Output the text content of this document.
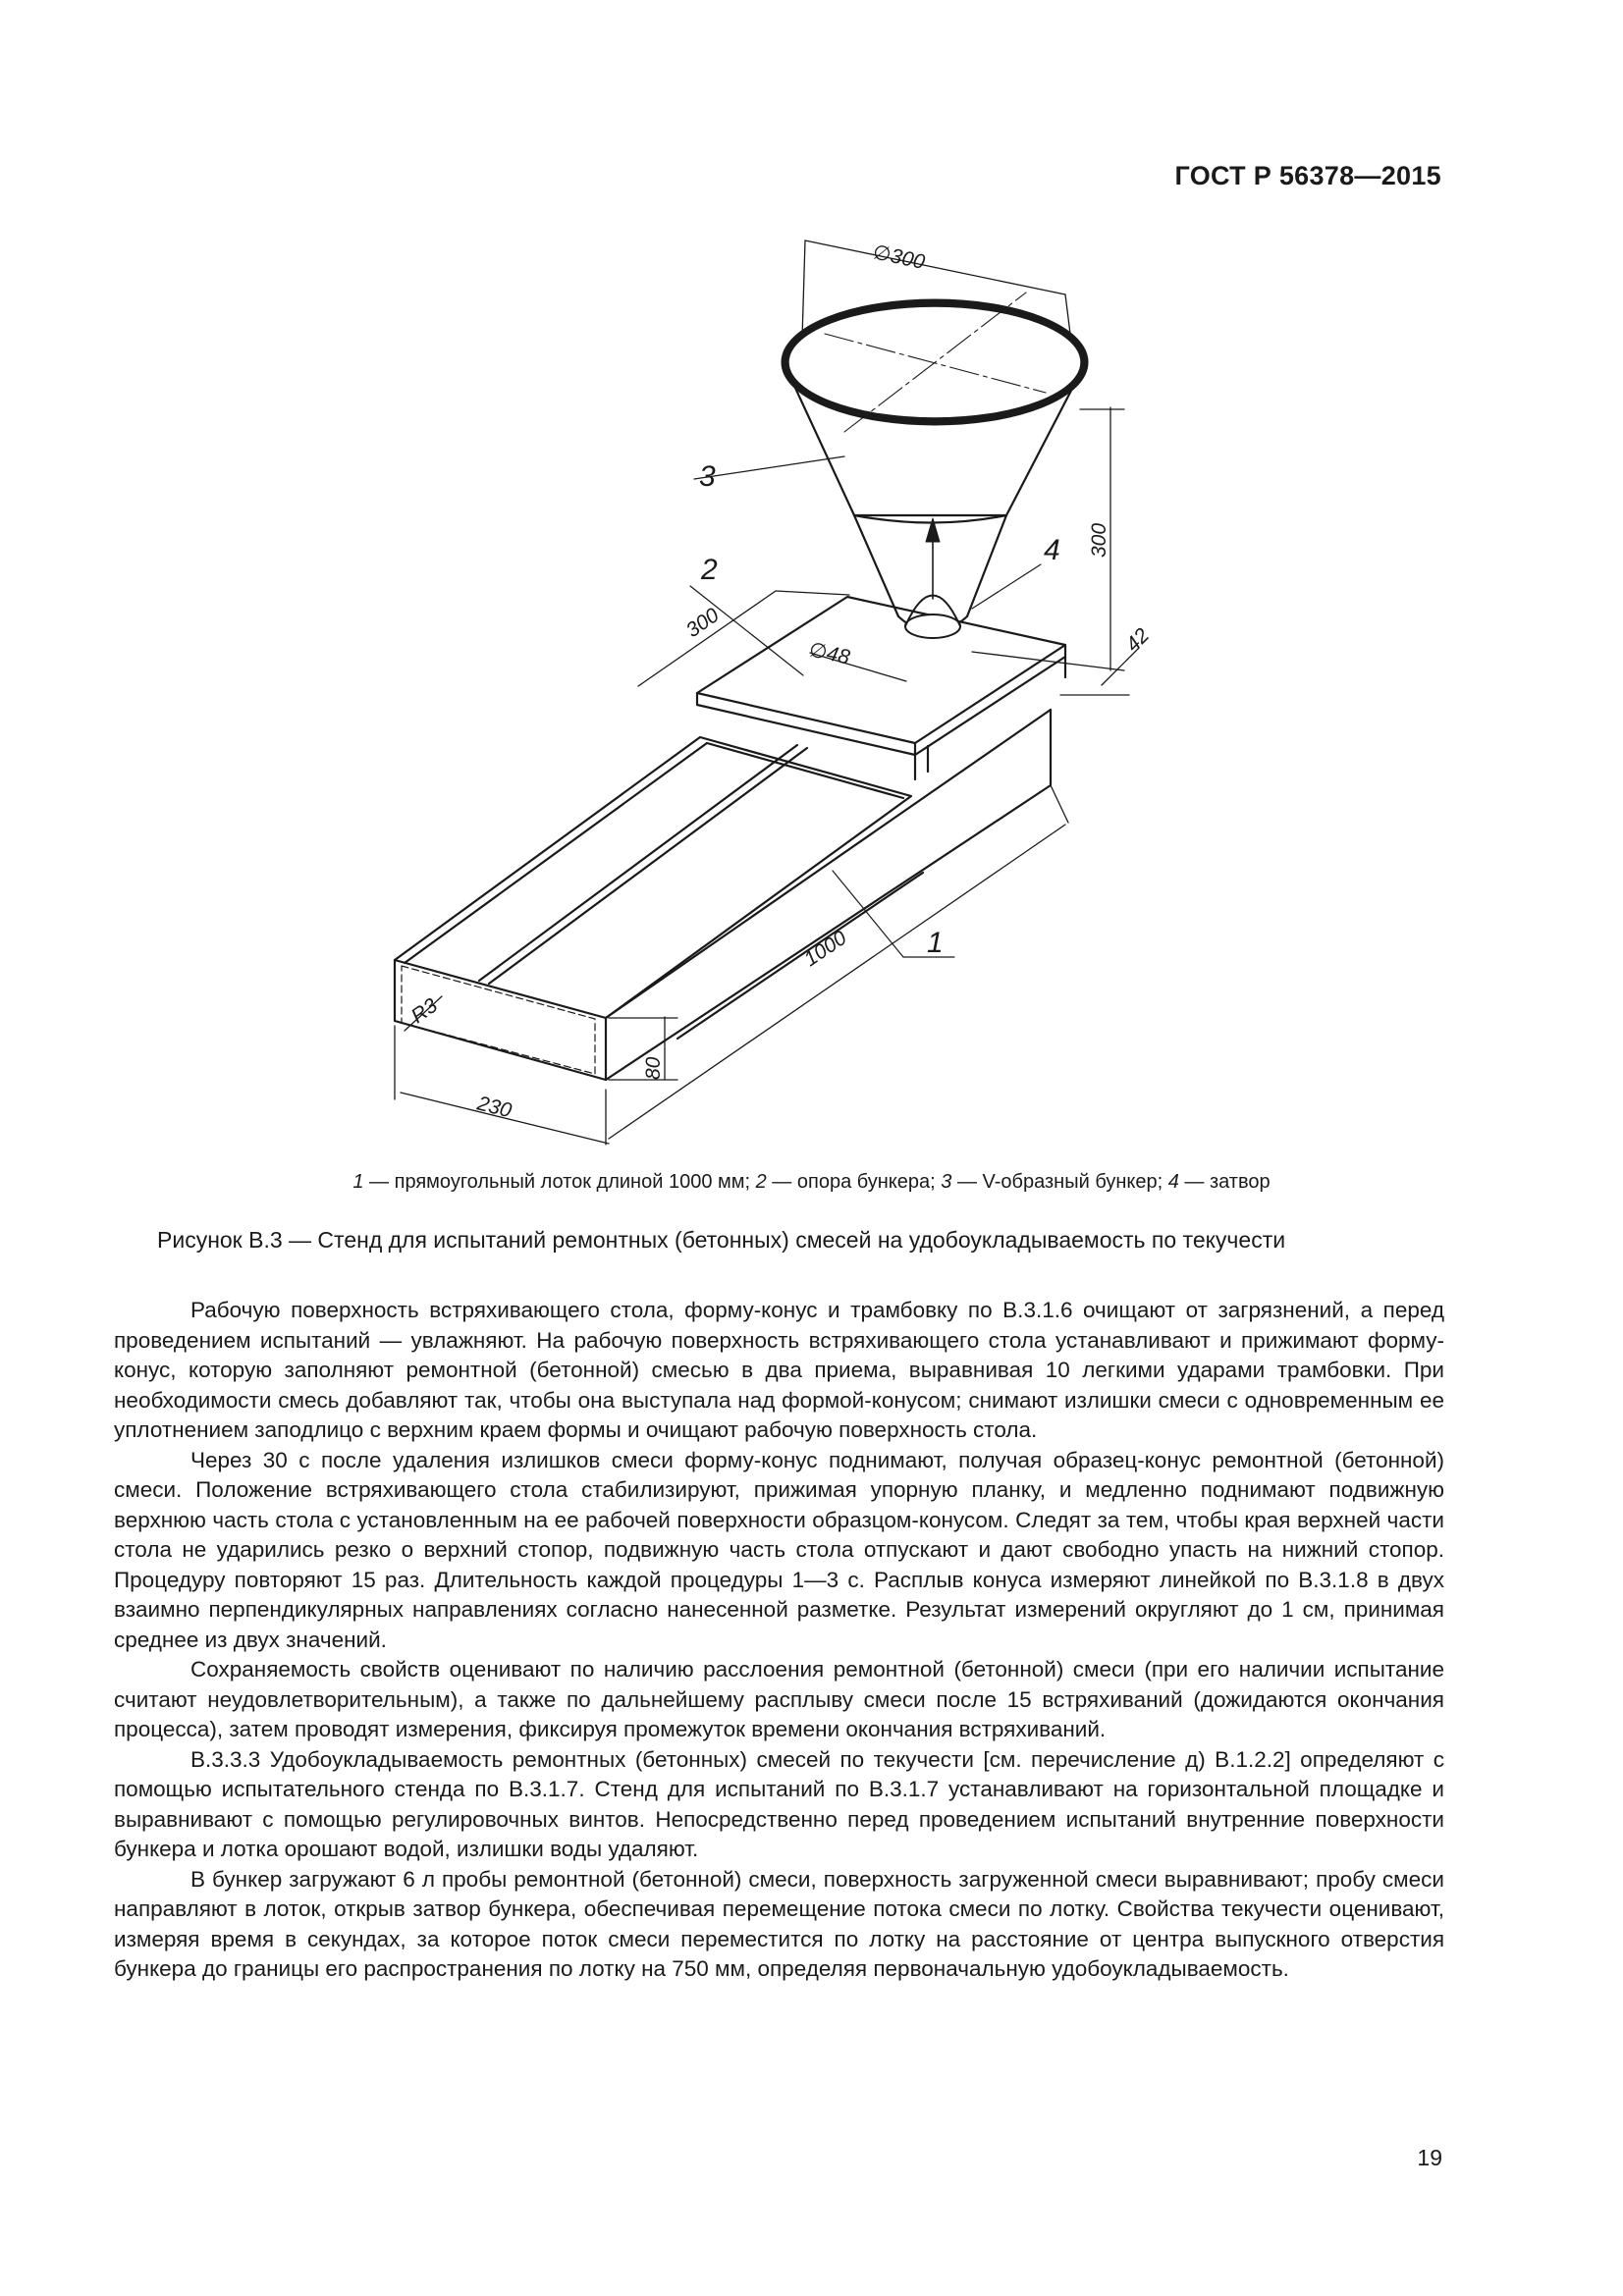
ГОСТ Р 56378—2015
∅300
300
300
∅48	42
1000
80
230
R3
1
2
3
4
1 — прямоугольный лоток длиной 1000 мм; 2 — опора бункера; 3 — V-образный бункер; 4 — затвор
Рисунок В.3 — Стенд для испытаний ремонтных (бетонных) смесей на удобоукладываемость по текучести

Рабочую поверхность встряхивающего стола, форму-конус и трамбовку по В.3.1.6 очищают от загрязнений, а перед проведением испытаний — увлажняют. На рабочую поверхность встряхивающего стола устанавливают и прижимают форму-конус, которую заполняют ремонтной (бетонной) смесью в два приема, выравнивая 10 легкими ударами трамбовки. При необходимости смесь добавляют так, чтобы она выступала над формой-конусом; снимают излишки смеси с одновременным ее уплотнением заподлицо с верхним краем формы и очищают рабочую поверхность стола.

Через 30 с после удаления излишков смеси форму-конус поднимают, получая образец-конус ремонтной (бетонной) смеси. Положение встряхивающего стола стабилизируют, прижимая упорную планку, и медленно поднимают подвижную верхнюю часть стола с установленным на ее рабочей поверхности образцом-конусом. Следят за тем, чтобы края верхней части стола не ударились резко о верхний стопор, подвижную часть стола отпускают и дают свободно упасть на нижний стопор. Процедуру повторяют 15 раз. Длительность каждой процедуры 1—3 с. Расплыв конуса измеряют линейкой по В.3.1.8 в двух взаимно перпендикулярных направлениях согласно нанесенной разметке. Результат измерений округляют до 1 см, принимая среднее из двух значений.

Сохраняемость свойств оценивают по наличию расслоения ремонтной (бетонной) смеси (при его наличии испытание считают неудовлетворительным), а также по дальнейшему расплыву смеси после 15 встряхиваний (дожидаются окончания процесса), затем проводят измерения, фиксируя промежуток времени окончания встряхиваний.

В.3.3.3 Удобоукладываемость ремонтных (бетонных) смесей по текучести [см. перечисление д) В.1.2.2] определяют с помощью испытательного стенда по В.3.1.7. Стенд для испытаний по В.3.1.7 устанавливают на горизонтальной площадке и выравнивают с помощью регулировочных винтов. Непосредственно перед проведением испытаний внутренние поверхности бункера и лотка орошают водой, излишки воды удаляют.

В бункер загружают 6 л пробы ремонтной (бетонной) смеси, поверхность загруженной смеси выравнивают; пробу смеси направляют в лоток, открыв затвор бункера, обеспечивая перемещение потока смеси по лотку. Свойства текучести оценивают, измеряя время в секундах, за которое поток смеси переместится по лотку на расстояние от центра выпускного отверстия бункера до границы его распространения по лотку на 750 мм, определяя первоначальную удобоукладываемость.

19
